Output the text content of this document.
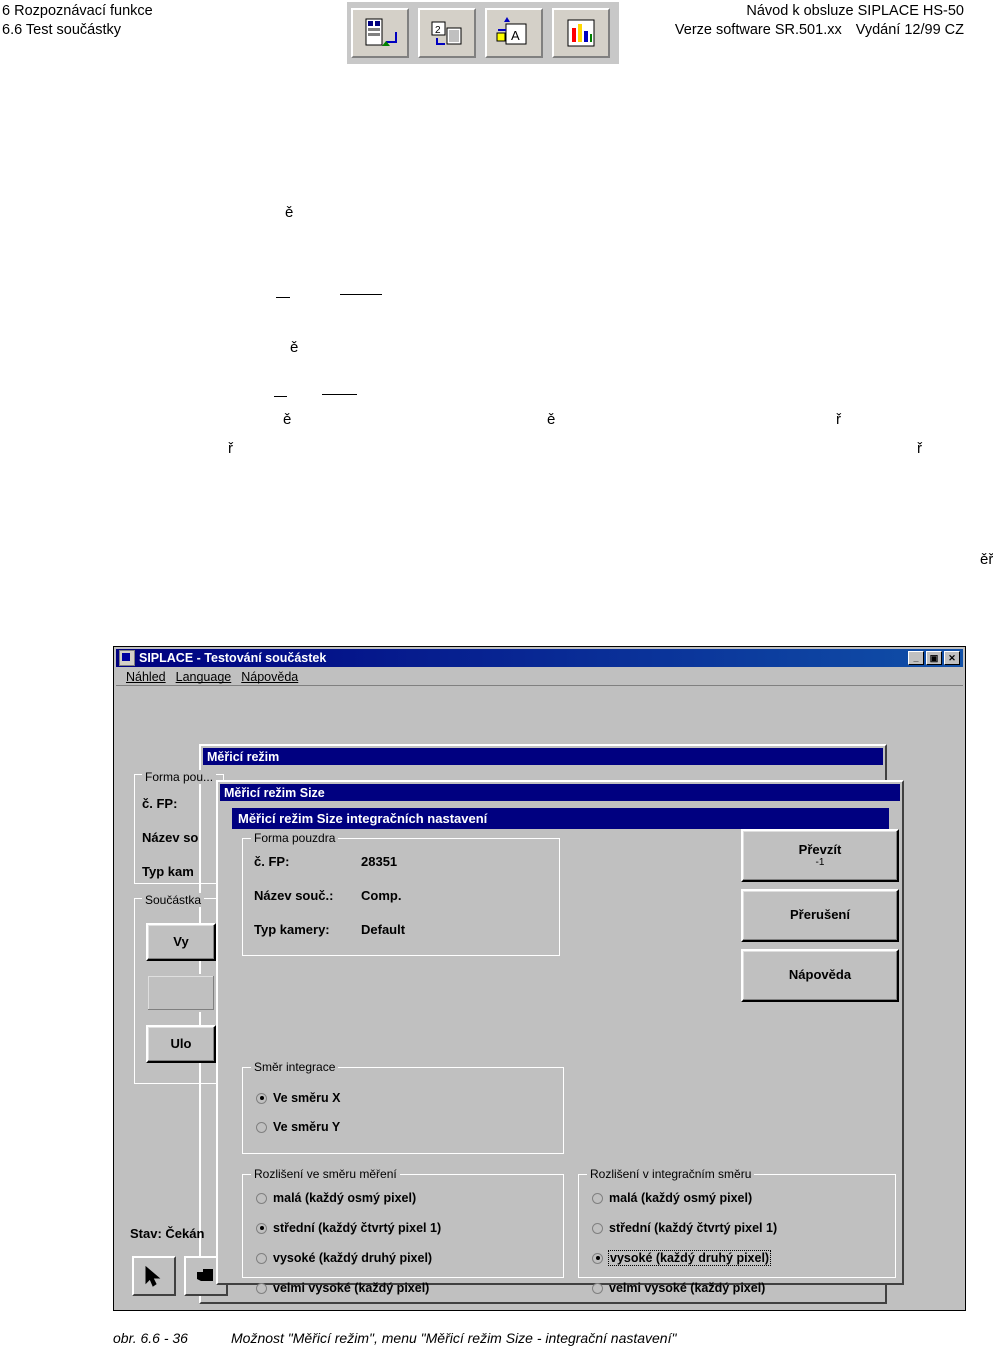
6 Rozpoznávací funkce
6.6 Test součástky
Návod k obsluze SIPLACE HS-50
Verze software SR.501.xx Vydání 12/99 CZ
2	A
ě
ě
ě	ě	ř
ř	ř
ěř
SIPLACE - Testování součástek	_	▣	✕
Náhled Language Nápověda
Měřicí režim
Forma pou...
č. FP:
Název so
Typ kam
Součástka
Vy
Ulo
Stav: Čekán
Měřicí režim Size
Měřicí režim Size integračních nastavení
Forma pouzdra
č. FP:	28351
Název souč.: Comp.
Typ kamery: Default
Převzít
-1
Přerušení
Nápověda
Směr integrace
Ve směru X
Ve směru Y
Rozlišení ve směru měření
malá (každý osmý pixel)
střední (každý čtvrtý pixel 1)
vysoké (každý druhý pixel)
velmi vysoké (každý pixel)
Rozlišení v integračním směru
malá (každý osmý pixel)
střední (každý čtvrtý pixel 1)
vysoké (každý druhý pixel)
velmi vysoké (každý pixel)
obr. 6.6 - 36	Možnost "Měřicí režim", menu "Měřicí režim Size - integrační nastavení"
